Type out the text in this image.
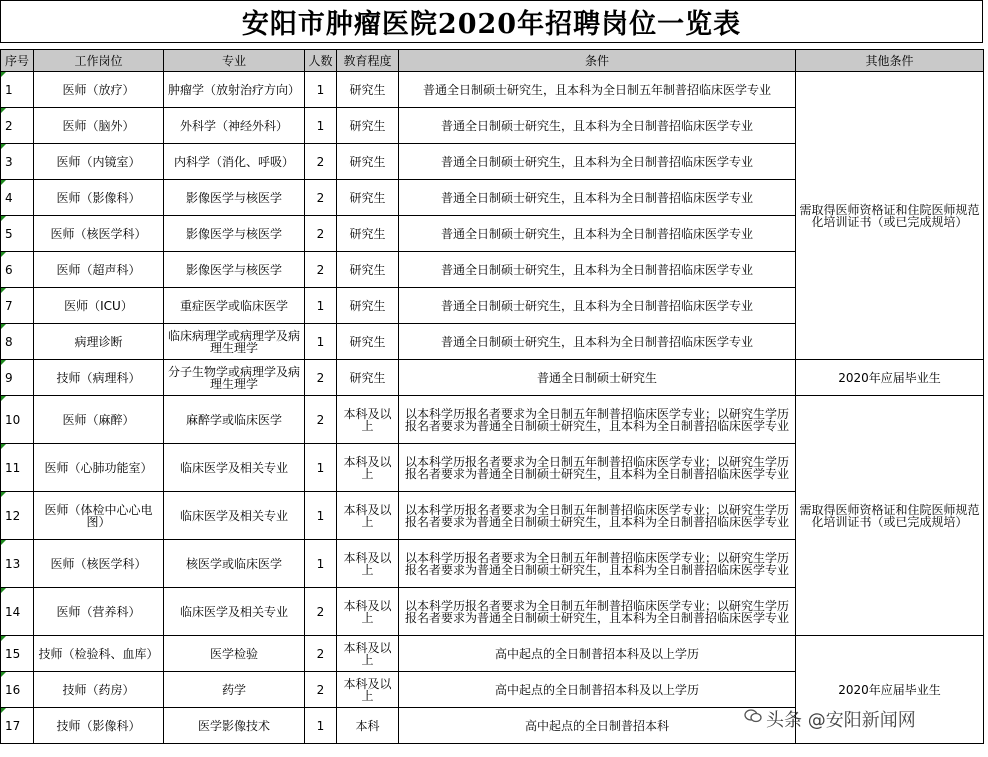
安阳市肿瘤医院2020年招聘岗位一览表
序号	工作岗位	专业	人数	教育程度	条件	其他条件
1	医师（放疗）	肿瘤学（放射治疗方向）	1	研究生	普通全日制硕士研究生，且本科为全日制五年制普招临床医学专业	需取得医师资格证和住院医师规范化培训证书（或已完成规培）
2	医师（脑外）	外科学（神经外科）	1	研究生	普通全日制硕士研究生，且本科为全日制普招临床医学专业	
3	医师（内镜室）	内科学（消化、呼吸）	2	研究生	普通全日制硕士研究生，且本科为全日制普招临床医学专业	
4	医师（影像科）	影像医学与核医学	2	研究生	普通全日制硕士研究生，且本科为全日制普招临床医学专业	
5	医师（核医学科）	影像医学与核医学	2	研究生	普通全日制硕士研究生，且本科为全日制普招临床医学专业	
6	医师（超声科）	影像医学与核医学	2	研究生	普通全日制硕士研究生，且本科为全日制普招临床医学专业	
7	医师（ICU）	重症医学或临床医学	1	研究生	普通全日制硕士研究生，且本科为全日制普招临床医学专业	
8	病理诊断	临床病理学或病理学及病理生理学	1	研究生	普通全日制硕士研究生，且本科为全日制普招临床医学专业	
9	技师（病理科）	分子生物学或病理学及病理生理学	2	研究生	普通全日制硕士研究生	2020年应届毕业生
10	医师（麻醉）	麻醉学或临床医学	2	本科及以上	以本科学历报名者要求为全日制五年制普招临床医学专业；以研究生学历报名者要求为普通全日制硕士研究生，且本科为全日制普招临床医学专业	需取得医师资格证和住院医师规范化培训证书（或已完成规培）
11	医师（心肺功能室）	临床医学及相关专业	1	本科及以上	以本科学历报名者要求为全日制五年制普招临床医学专业；以研究生学历报名者要求为普通全日制硕士研究生，且本科为全日制普招临床医学专业	
12	医师（体检中心心电图）	临床医学及相关专业	1	本科及以上	以本科学历报名者要求为全日制五年制普招临床医学专业；以研究生学历报名者要求为普通全日制硕士研究生，且本科为全日制普招临床医学专业	
13	医师（核医学科）	核医学或临床医学	1	本科及以上	以本科学历报名者要求为全日制五年制普招临床医学专业；以研究生学历报名者要求为普通全日制硕士研究生，且本科为全日制普招临床医学专业	
14	医师（营养科）	临床医学及相关专业	2	本科及以上	以本科学历报名者要求为全日制五年制普招临床医学专业；以研究生学历报名者要求为普通全日制硕士研究生，且本科为全日制普招临床医学专业	
15	技师（检验科、血库）	医学检验	2	本科及以上	高中起点的全日制普招本科及以上学历	2020年应届毕业生
16	技师（药房）	药学	2	本科及以上	高中起点的全日制普招本科及以上学历	
17	技师（影像科）	医学影像技术	1	本科	高中起点的全日制普招本科		头条 @安阳新闻网
